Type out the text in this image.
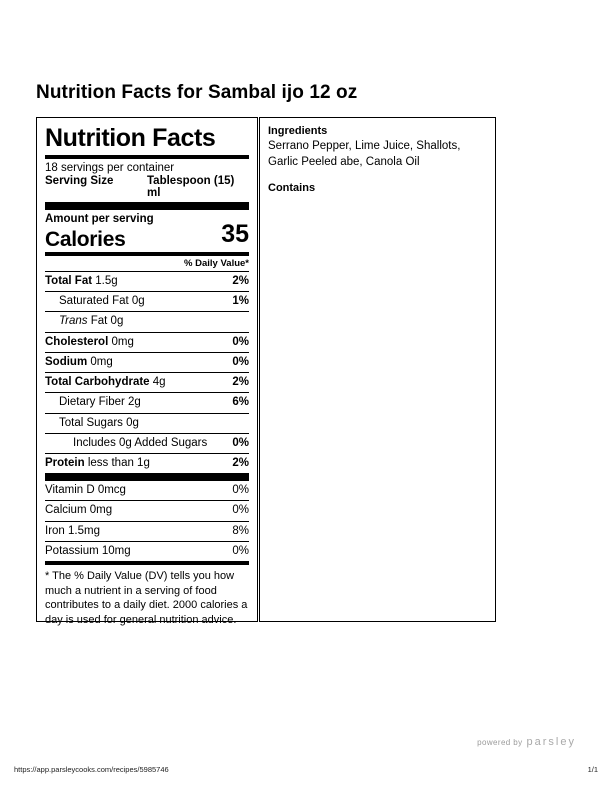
Nutrition Facts for Sambal ijo 12 oz
Nutrition Facts
18 servings per container
Serving Size	Tablespoon (15) ml
Amount per serving
Calories	35
% Daily Value*
Total Fat 1.5g	2%
Saturated Fat 0g	1%
Trans Fat 0g
Cholesterol 0mg	0%
Sodium 0mg	0%
Total Carbohydrate 4g	2%
Dietary Fiber 2g	6%
Total Sugars 0g
Includes 0g Added Sugars 0%
Protein less than 1g	2%
Vitamin D 0mcg	0%
Calcium 0mg	0%
Iron 1.5mg	8%
Potassium 10mg	0%
* The % Daily Value (DV) tells you how much a nutrient in a serving of food contributes to a daily diet. 2000 calories a day is used for general nutrition advice.
Ingredients
Serrano Pepper, Lime Juice, Shallots, Garlic Peeled abe, Canola Oil
Contains
powered by parsley
https://app.parsleycooks.com/recipes/5985746	1/1
